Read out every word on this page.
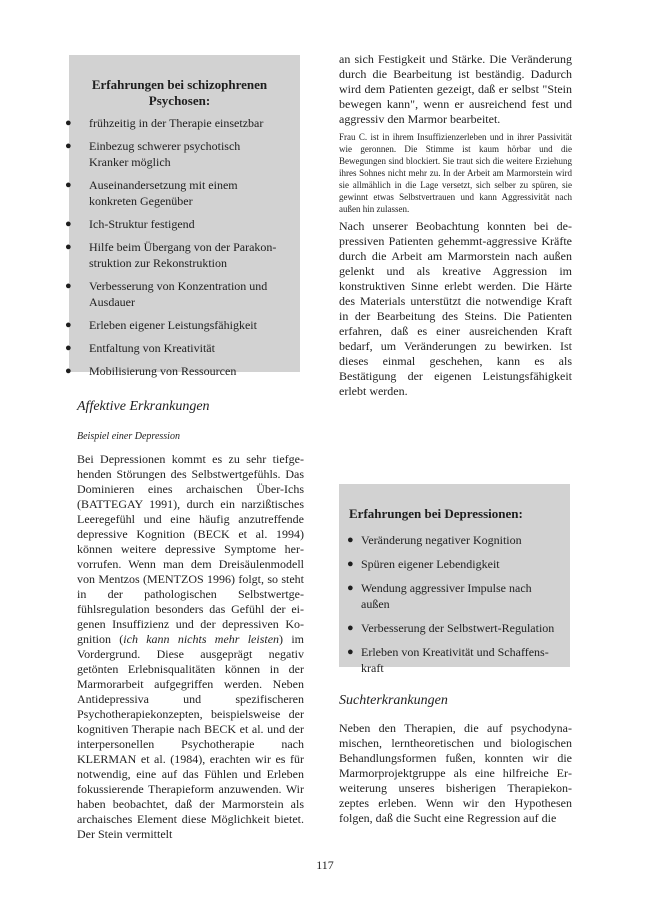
Erfahrungen bei schizophrenen Psychosen:
● frühzeitig in der Therapie einsetzbar
● Einbezug schwerer psychotisch Kranker möglich
● Auseinandersetzung mit einem konkreten Gegenüber
● Ich-Struktur festigend
● Hilfe beim Übergang von der Parakonstruktion zur Rekonstruktion
● Verbesserung von Konzentration und Ausdauer
● Erleben eigener Leistungsfähigkeit
● Entfaltung von Kreativität
● Mobilisierung von Ressourcen
Affektive Erkrankungen
Beispiel einer Depression

Bei Depressionen kommt es zu sehr tiefgehenden Störungen des Selbstwertgefühls. Das Dominieren eines archaischen Über-Ichs (BATTEGAY 1991), durch ein narzißtisches Leeregefühl und eine häufig anzutreffende depressive Kognition (BECK et al. 1994) können weitere depressive Symptome hervorrufen. Wenn man dem Dreisäulenmodell von Mentzos (MENTZOS 1996) folgt, so steht in der pathologischen Selbstwertgefühlsregulation besonders das Gefühl der eigenen Insuffizienz und der depressiven Kognition (ich kann nichts mehr leisten) im Vordergrund. Diese ausgeprägt negativ getönten Erlebnisqualitäten können in der Marmorarbeit aufgegriffen werden. Neben Antidepressiva und spezifischeren Psychotherapiekonzepten, beispielsweise der kognitiven Therapie nach BECK et al. und der interpersonellen Psychotherapie nach KLERMAN et al. (1984), erachten wir es für notwendig, eine auf das Fühlen und Erleben fokussierende Therapieform anzuwenden. Wir haben beobachtet, daß der Marmorstein als archaisches Element diese Möglichkeit bietet. Der Stein vermittelt

an sich Festigkeit und Stärke. Die Veränderung durch die Bearbeitung ist beständig. Dadurch wird dem Patienten gezeigt, daß er selbst "Stein bewegen kann", wenn er ausreichend fest und aggressiv den Marmor bearbeitet.

Frau C. ist in ihrem Insuffizienzerleben und in ihrer Passivität wie geronnen. Die Stimme ist kaum hörbar und die Bewegungen sind blockiert. Sie traut sich die weitere Erziehung ihres Sohnes nicht mehr zu. In der Arbeit am Marmorstein wird sie allmählich in die Lage versetzt, sich selber zu spüren, sie gewinnt etwas Selbstvertrauen und kann Aggressivität nach außen hin zulassen.

Nach unserer Beobachtung konnten bei depressiven Patienten gehemmt-aggressive Kräfte durch die Arbeit am Marmorstein nach außen gelenkt und als kreative Aggression im konstruktiven Sinne erlebt werden. Die Härte des Materials unterstützt die notwendige Kraft in der Bearbeitung des Steins. Die Patienten erfahren, daß es einer ausreichenden Kraft bedarf, um Veränderungen zu bewirken. Ist dieses einmal geschehen, kann es als Bestätigung der eigenen Leistungsfähigkeit erlebt werden.

Erfahrungen bei Depressionen:
● Veränderung negativer Kognition
● Spüren eigener Lebendigkeit
● Wendung aggressiver Impulse nach außen
● Verbesserung der Selbstwert-Regulation
● Erleben von Kreativität und Schaffenskraft
Suchterkrankungen

Neben den Therapien, die auf psychodynamischen, lerntheoretischen und biologischen Behandlungsformen fußen, konnten wir die Marmorprojektgruppe als eine hilfreiche Erweiterung unseres bisherigen Therapiekonzeptes erleben. Wenn wir den Hypothesen folgen, daß die Sucht eine Regression auf die

117
